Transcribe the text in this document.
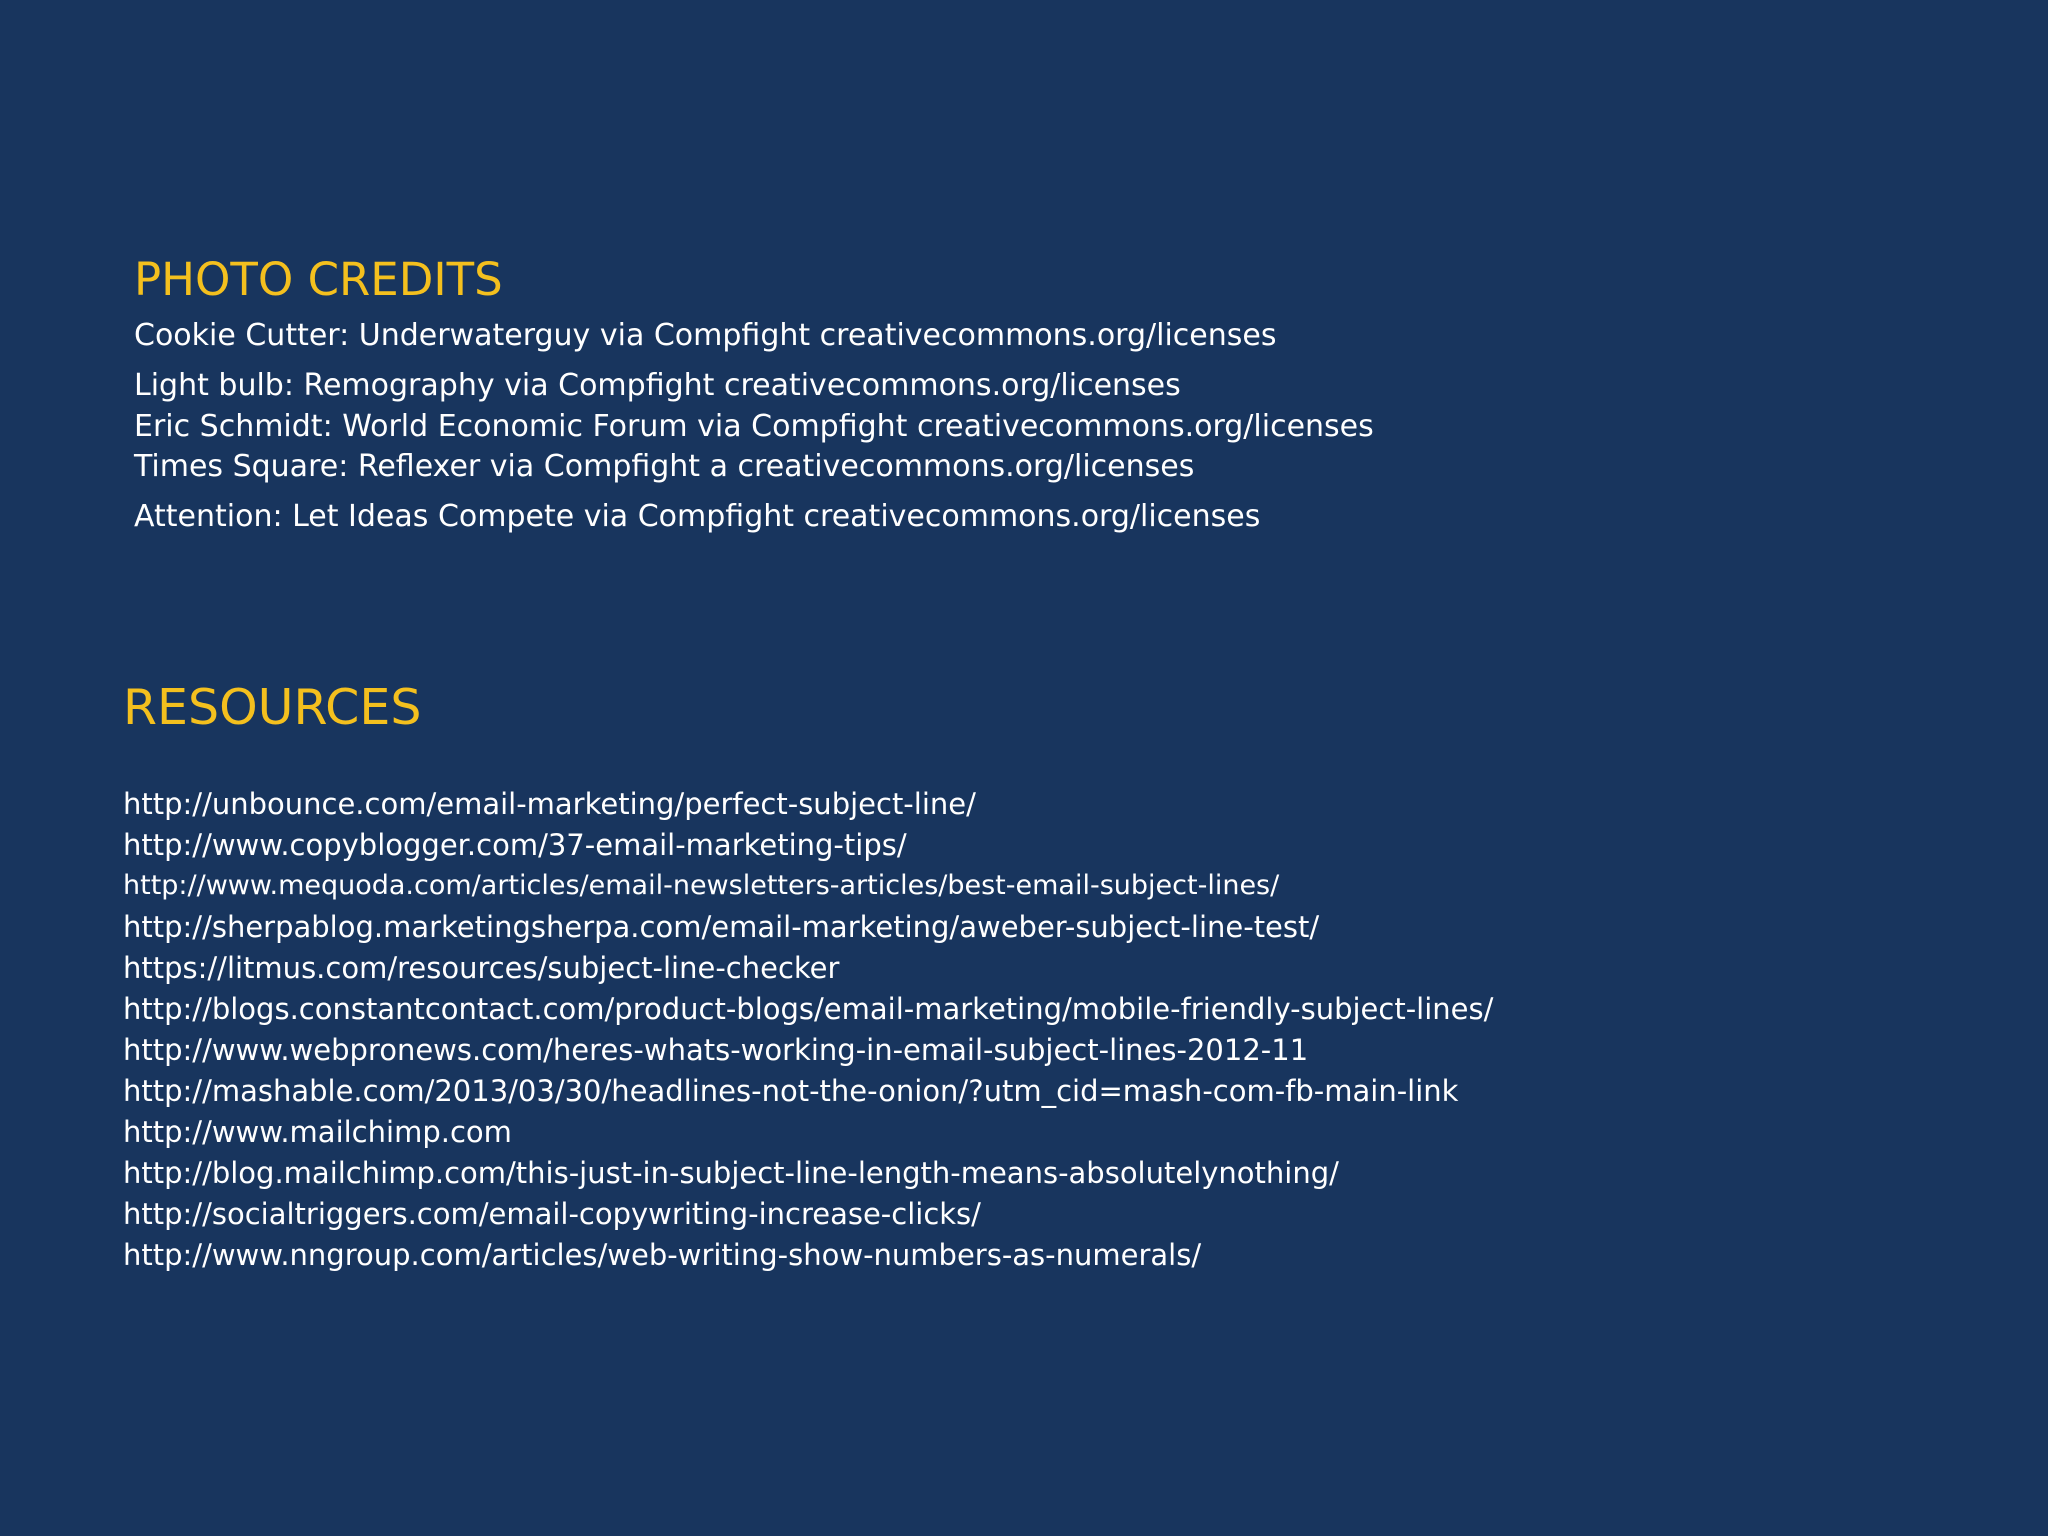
PHOTO CREDITS
Cookie Cutter: Underwaterguy via Compfight creativecommons.org/licenses
Light bulb: Remography via Compfight creativecommons.org/licenses
Eric Schmidt: World Economic Forum via Compfight creativecommons.org/licenses
Times Square: Reflexer via Compfight a creativecommons.org/licenses
Attention: Let Ideas Compete via Compfight creativecommons.org/licenses
RESOURCES
http://unbounce.com/email-marketing/perfect-subject-line/
http://www.copyblogger.com/37-email-marketing-tips/
http://www.mequoda.com/articles/email-newsletters-articles/best-email-subject-lines/
http://sherpablog.marketingsherpa.com/email-marketing/aweber-subject-line-test/
https://litmus.com/resources/subject-line-checker
http://blogs.constantcontact.com/product-blogs/email-marketing/mobile-friendly-subject-lines/
http://www.webpronews.com/heres-whats-working-in-email-subject-lines-2012-11
http://mashable.com/2013/03/30/headlines-not-the-onion/?utm_cid=mash-com-fb-main-link
http://www.mailchimp.com
http://blog.mailchimp.com/this-just-in-subject-line-length-means-absolutelynothing/
http://socialtriggers.com/email-copywriting-increase-clicks/
http://www.nngroup.com/articles/web-writing-show-numbers-as-numerals/
